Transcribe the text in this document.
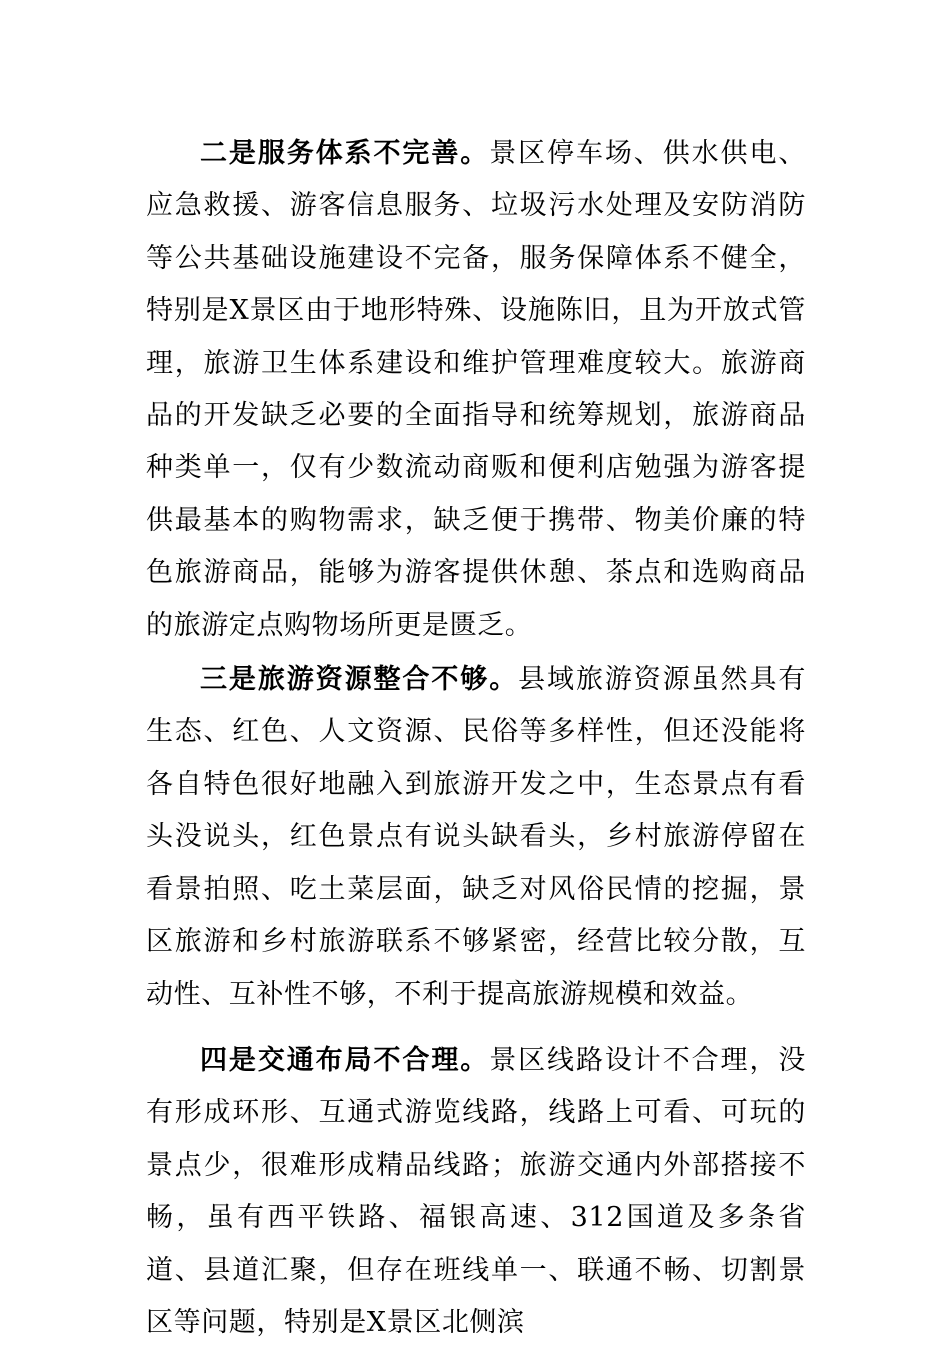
二是服务体系不完善。景区停车场、供水供电、应急救援、游客信息服务、垃圾污水处理及安防消防等公共基础设施建设不完备，服务保障体系不健全，特别是X景区由于地形特殊、设施陈旧，且为开放式管理，旅游卫生体系建设和维护管理难度较大。旅游商品的开发缺乏必要的全面指导和统筹规划，旅游商品种类单一，仅有少数流动商贩和便利店勉强为游客提供最基本的购物需求，缺乏便于携带、物美价廉的特色旅游商品，能够为游客提供休憩、茶点和选购商品的旅游定点购物场所更是匮乏。

三是旅游资源整合不够。县域旅游资源虽然具有生态、红色、人文资源、民俗等多样性，但还没能将各自特色很好地融入到旅游开发之中，生态景点有看头没说头，红色景点有说头缺看头，乡村旅游停留在看景拍照、吃土菜层面，缺乏对风俗民情的挖掘，景区旅游和乡村旅游联系不够紧密，经营比较分散，互动性、互补性不够，不利于提高旅游规模和效益。

四是交通布局不合理。景区线路设计不合理，没有形成环形、互通式游览线路，线路上可看、可玩的景点少，很难形成精品线路；旅游交通内外部搭接不畅，虽有西平铁路、福银高速、312国道及多条省道、县道汇聚，但存在班线单一、联通不畅、切割景区等问题，特别是X景区北侧滨
